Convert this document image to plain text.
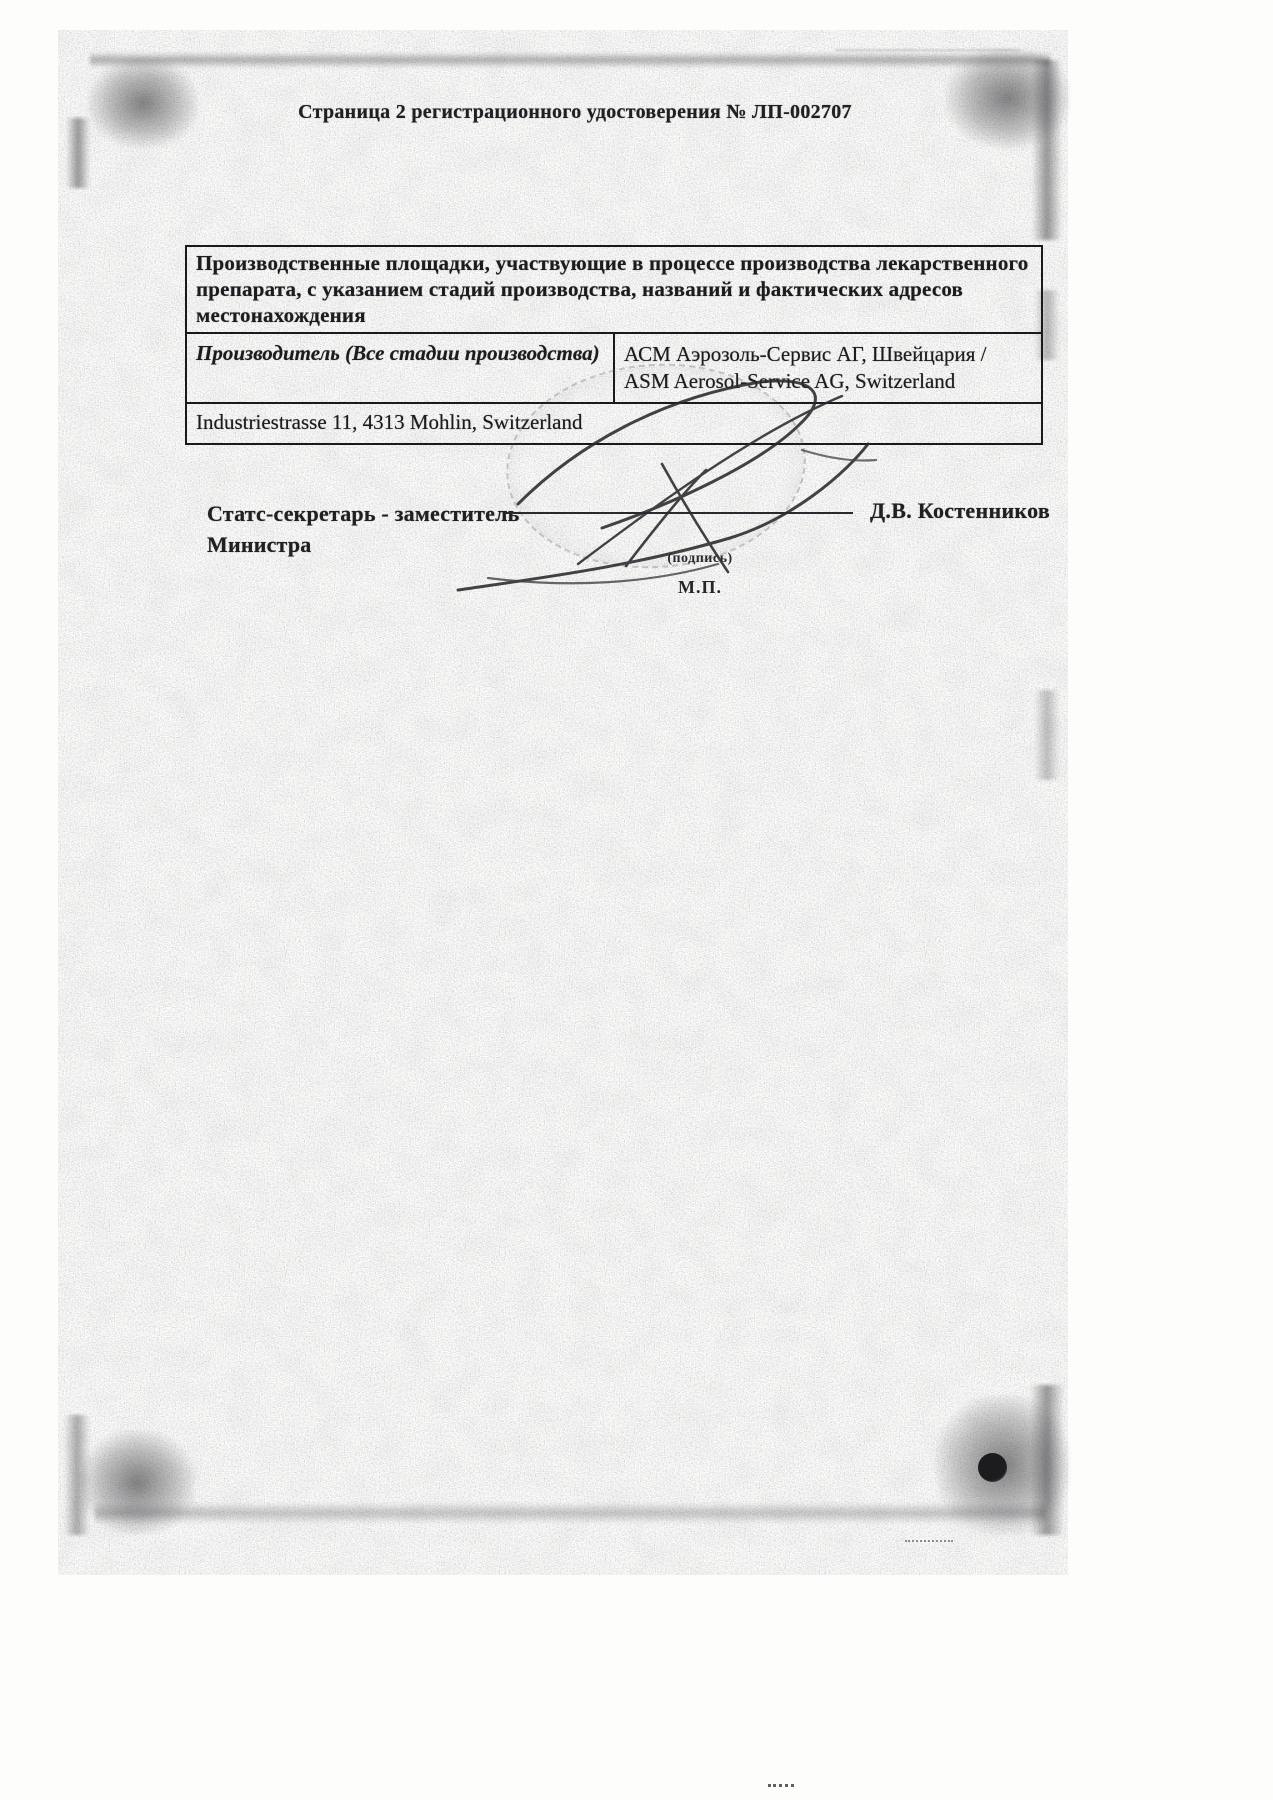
Страница 2 регистрационного удостоверения № ЛП-002707
Производственные площадки, участвующие в процессе производства лекарственного
препарата, с указанием стадий производства, названий и фактических адресов
местонахождения

Производитель (Все стадии производства)	АСМ Аэрозоль-Сервис АГ, Швейцария /
ASM Aerosol-Service AG, Switzerland

Industriestrasse 11, 4313 Mohlin, Switzerland
Статс-секретарь - заместитель
Министра
(подпись)
М.П.
Д.В. Костенников
